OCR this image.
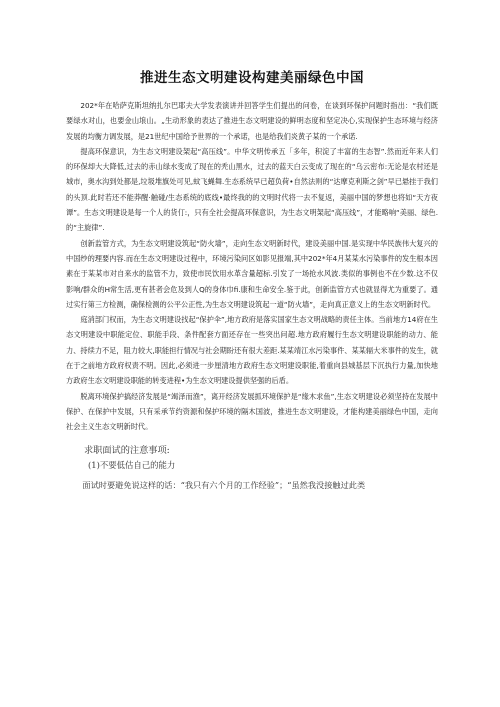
推进生态文明建设构建美丽绿色中国

202*年在哈萨克斯坦纳扎尔巴耶夫大学发表演讲并回答学生们提出的问卷，在谈到环保护问题时指出：“我们既要绿水对山，也要金山埌山。„生动形象的表达了推进生态文明建设的鲜明态度和坚定决心,实现保护生态环境与经济发展的均衡力调发展，是21世纪中国给予世界的一个承诺，也是给我们炎黄子某的一个承诺.

提高环保意识，为生态文明建设架起“高压线”。中华文明传承五「多年，积淀了丰富的生态智”.然而近年来人们的环保却大大降低,过去的赤山绿水变成了现在的秃山黑水，过去的蓝天白云变成了现在的“乌云密布:无论是农村还是城市，奥水沟到处都是,垃圾堆旗处可见,蚊飞蝇舞.生态系统早已超负荷•自然法则的“达摩克利斯之剑”早已悬挂于我们的头顶.此时若还不能莽醒·触碰/生态系统的底线•最终我的的文明时代将一去不复返，美丽中国的梦想也将如“天方夜谭”。生态文明建设是每一个人的货仃:，只有全社会提高环保意识，为生态文明架起“高压线”，才能略响“美丽、绿色.的“主旋律”.

创新监管方式，为生态文明建设筑起“防火墙”，走向生态文明新时代，建设美丽中国.是实现中华民族伟大复兴的中国纱的理要内容.而在生态文明建设过程中，环境污染问区如影见报端,其中202*年4月某某水污染事件的发生根本因素在于某某市对自来水的监管不力，致使市民饮用水革含量超标.引发了一场抢水风波.类似的事例也不在少数.这不仅影响/群众的H常生活,更有甚者会危及到人Q的身体巾fi.康和生命安全.鉴于此，创新监管方式也就显得尤为重要了。通过实行第三方检测，确保检测的公平公正性,为生态文明建设筑起一道“防火墙”，走向真正意义上的生态文明新时代。

庭消部门权而，为生态文明建设找起“保护伞”,地方政府是落实国家生态文明战略的责任主体。当前地方14府在生态文明建设中职能定位、职能手段、条件配套方面还存在一些突出问超.地方政府履行生态文明建设职能的动力、能力、持续力不足，阻力较大,职能担行情况与社会期盼还有很大差距.某某靖江水污染事件、某某辐大米事件的发生，就在于之前地方政府权责不明。因此,必须进一步厘清地方政府生态文明建设职能,着重向县城基层下沉执行力量,加快地方政府生态文明建设职能的转变进程•为生态文明建设提供坚强的后盾。

脱离环境保护搞经济发展是“竭泽而渔”，离开经济发展抓环境保护是“缘木求鱼”,生态文明建设必须坚持在发展中保护、在保护中发展，只有采承节约资源和保护环境的隔木国波，推进生态文明建设，才能构建美丽绿色中国，走向社会主义生态文明新时代。

求职面试的注意事项:
(1)不要低估自己的能力
面试时要避免说这样的话：“我只有六个月的工作经验”；“虽然我没接触过此类
